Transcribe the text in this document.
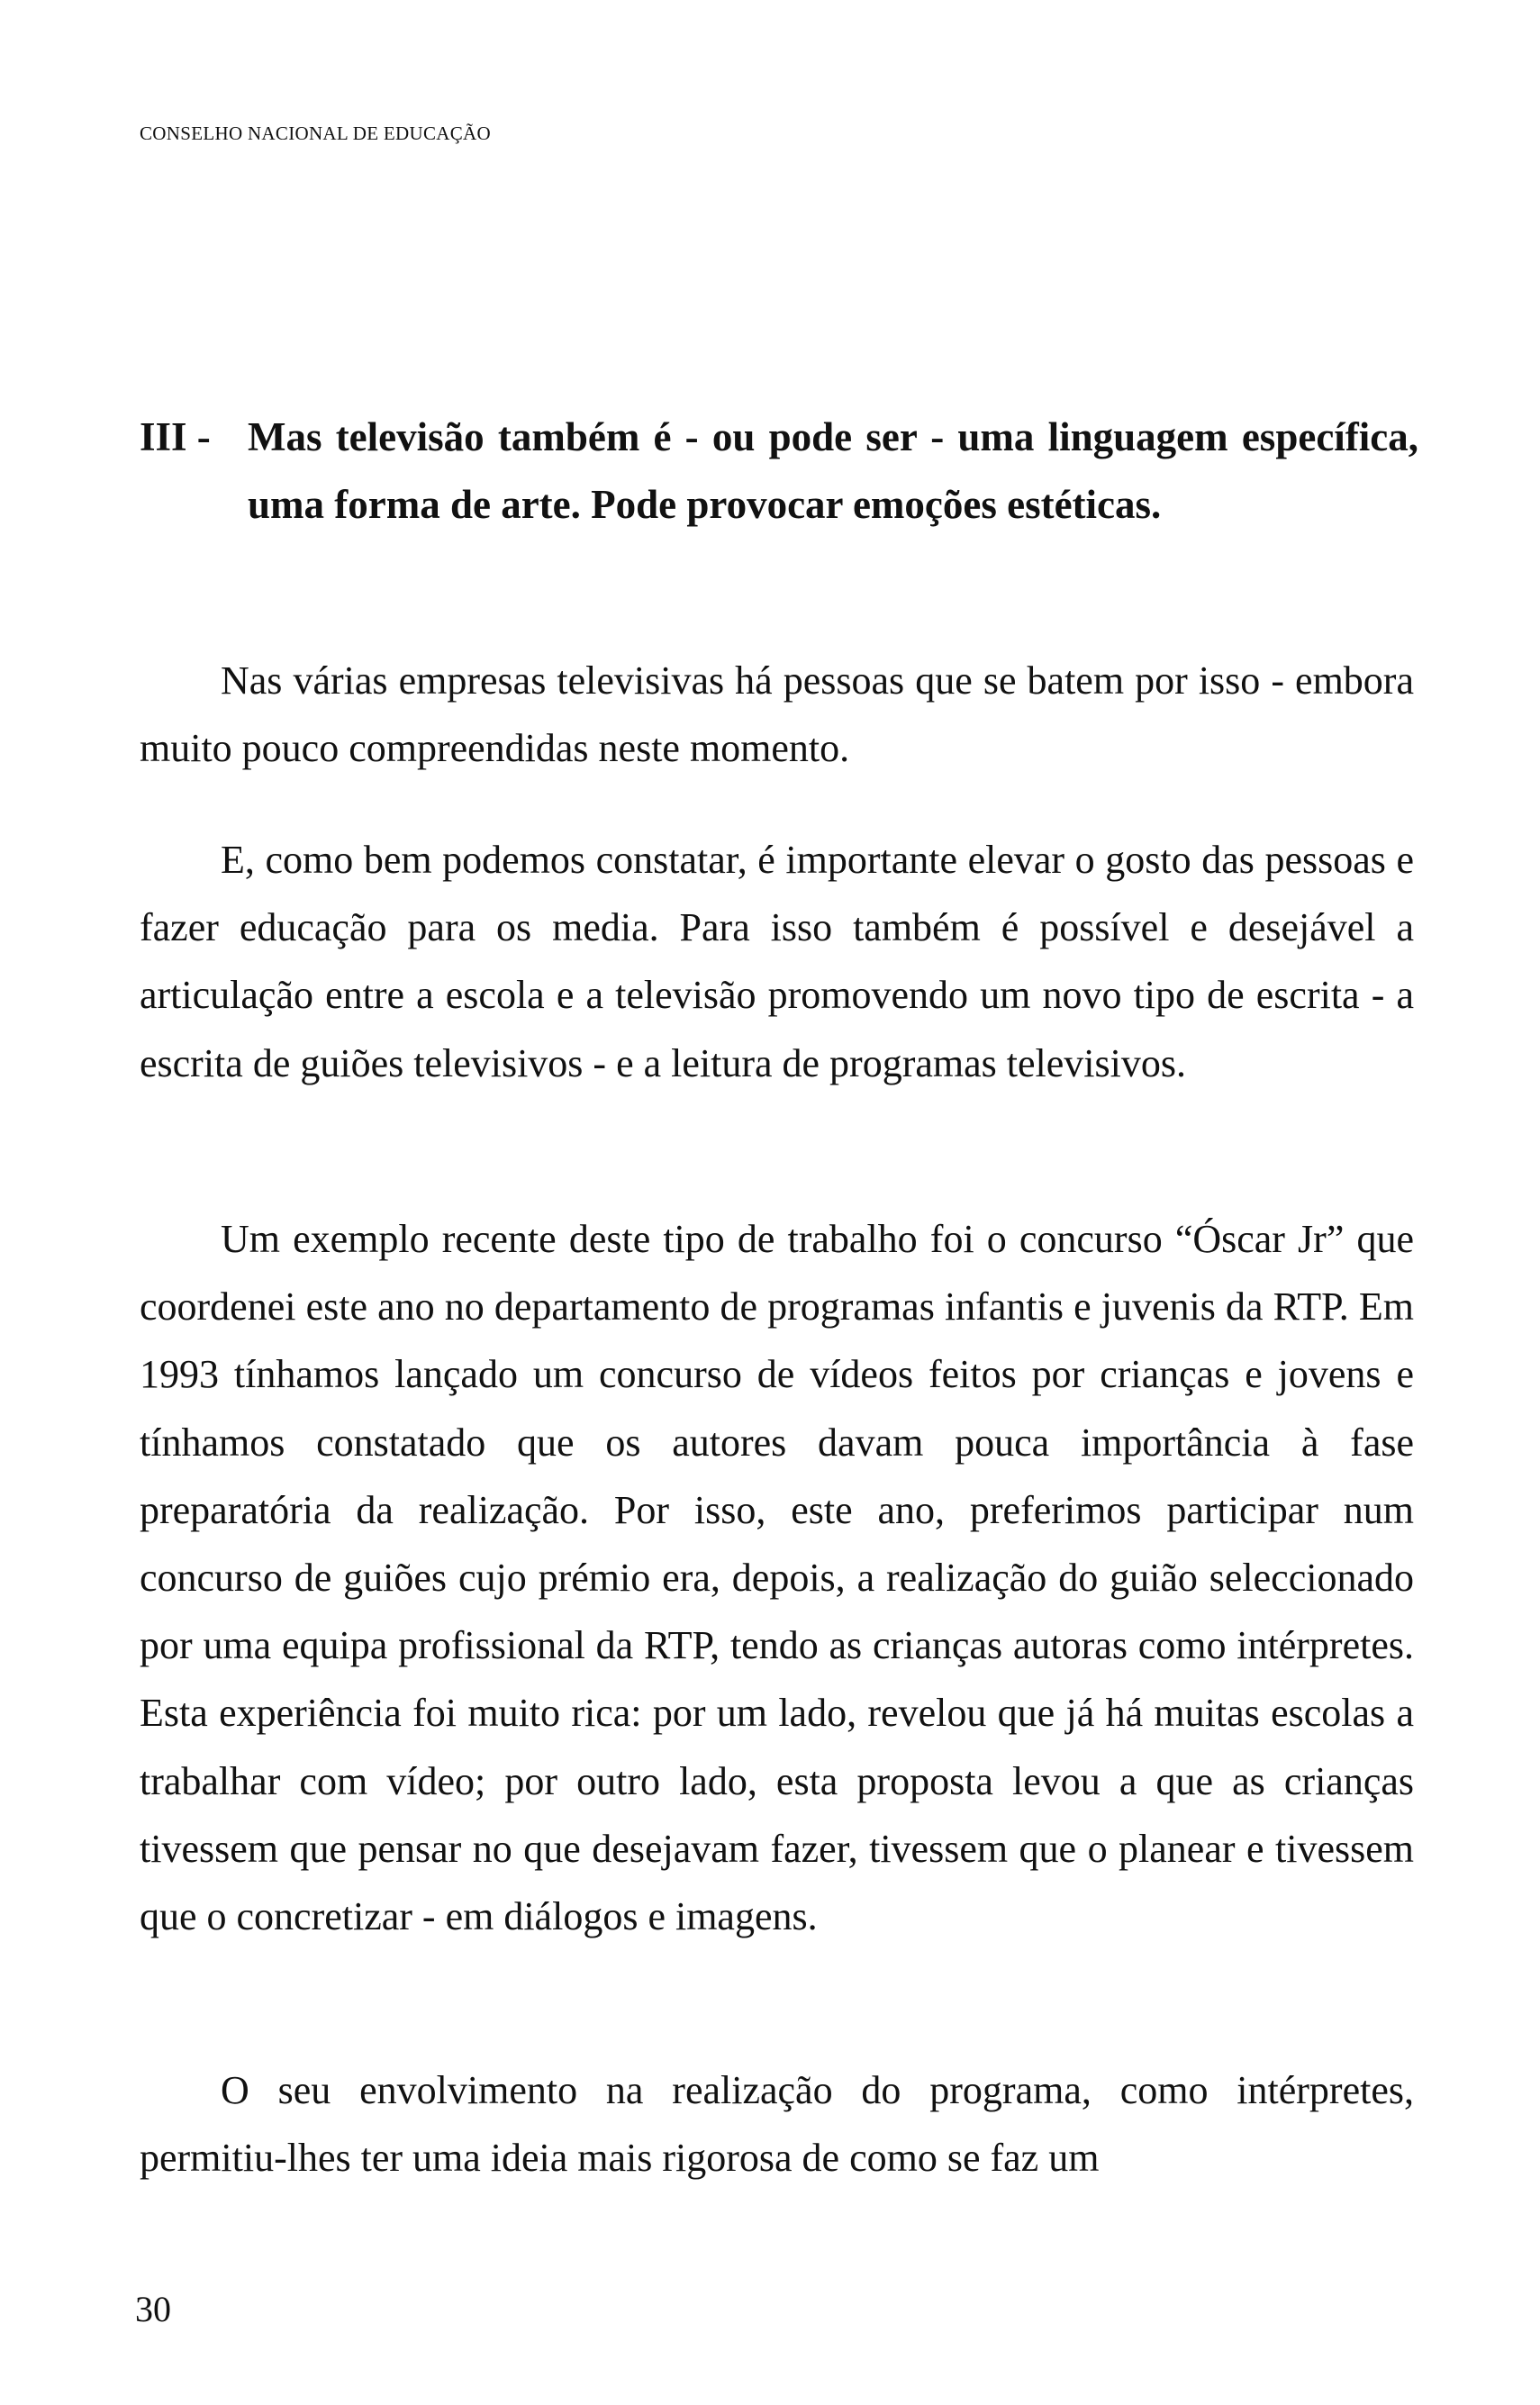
CONSELHO NACIONAL DE EDUCAÇÃO
III - Mas televisão também é - ou pode ser - uma linguagem específica, uma forma de arte. Pode provocar emoções estéticas.

Nas várias empresas televisivas há pessoas que se batem por isso - embora muito pouco compreendidas neste momento.

E, como bem podemos constatar, é importante elevar o gosto das pessoas e fazer educação para os media. Para isso também é possível e desejável a articulação entre a escola e a televisão promovendo um novo tipo de escrita - a escrita de guiões televisivos - e a leitura de programas televisivos.

Um exemplo recente deste tipo de trabalho foi o concurso “Óscar Jr” que coordenei este ano no departamento de programas infantis e juvenis da RTP. Em 1993 tínhamos lançado um concurso de vídeos feitos por crianças e jovens e tínhamos constatado que os autores davam pouca importância à fase preparatória da realização. Por isso, este ano, preferimos participar num concurso de guiões cujo prémio era, depois, a realização do guião seleccionado por uma equipa profissional da RTP, tendo as crianças autoras como intérpretes. Esta experiência foi muito rica: por um lado, revelou que já há muitas escolas a trabalhar com vídeo; por outro lado, esta proposta levou a que as crianças tivessem que pensar no que desejavam fazer, tivessem que o planear e tivessem que o concretizar - em diálogos e imagens.

O seu envolvimento na realização do programa, como intérpretes, permitiu-lhes ter uma ideia mais rigorosa de como se faz um

30
